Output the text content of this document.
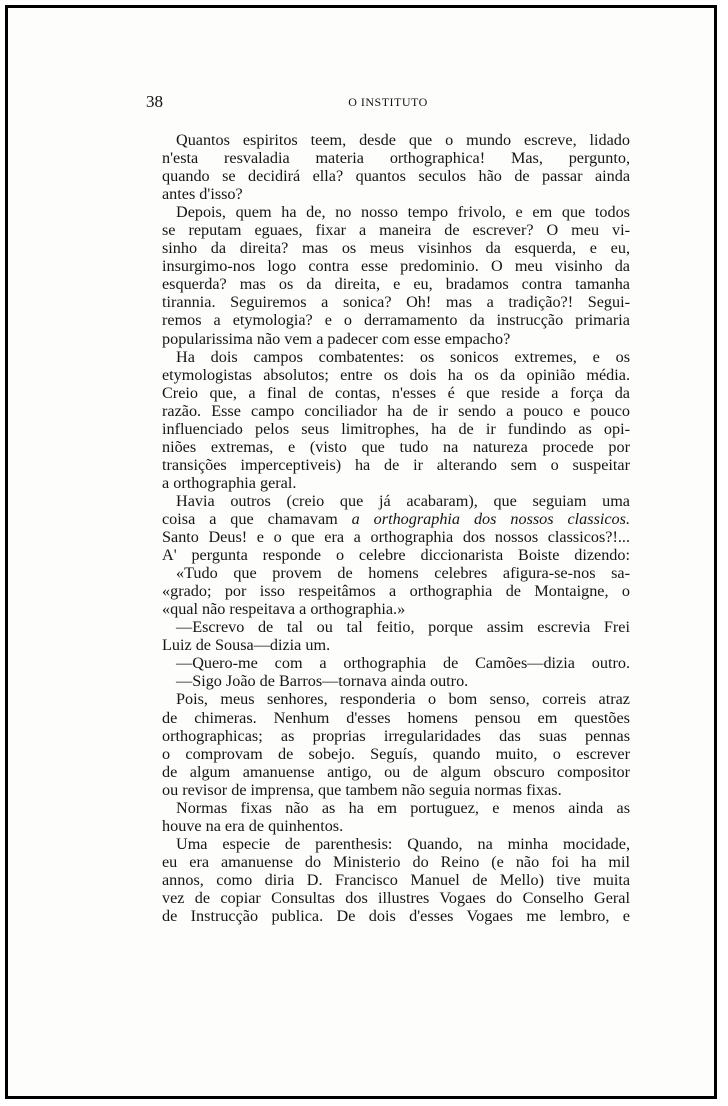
38	O INSTITUTO
Quantos espiritos teem, desde que o mundo escreve, lidado
n'esta resvaladia materia orthographica! Mas, pergunto,
quando se decidirá ella? quantos seculos hão de passar ainda
antes d'isso?
Depois, quem ha de, no nosso tempo frivolo, e em que todos
se reputam eguaes, fixar a maneira de escrever? O meu vi-
sinho da direita? mas os meus visinhos da esquerda, e eu,
insurgimo-nos logo contra esse predominio. O meu visinho da
esquerda? mas os da direita, e eu, bradamos contra tamanha
tirannia. Seguiremos a sonica? Oh! mas a tradição?! Segui-
remos a etymologia? e o derramamento da instrucção primaria
popularissima não vem a padecer com esse empacho?
Ha dois campos combatentes: os sonicos extremes, e os
etymologistas absolutos; entre os dois ha os da opinião média.
Creio que, a final de contas, n'esses é que reside a força da
razão. Esse campo conciliador ha de ir sendo a pouco e pouco
influenciado pelos seus limitrophes, ha de ir fundindo as opi-
niões extremas, e (visto que tudo na natureza procede por
transições imperceptiveis) ha de ir alterando sem o suspeitar
a orthographia geral.
Havia outros (creio que já acabaram), que seguiam uma
coisa a que chamavam a orthographia dos nossos classicos.
Santo Deus! e o que era a orthographia dos nossos classicos?!...
A' pergunta responde o celebre diccionarista Boiste dizendo:
«Tudo que provem de homens celebres afigura-se-nos sa-
«grado; por isso respeitâmos a orthographia de Montaigne, o
«qual não respeitava a orthographia.»
—Escrevo de tal ou tal feitio, porque assim escrevia Frei
Luiz de Sousa—dizia um.
—Quero-me com a orthographia de Camões—dizia outro.
—Sigo João de Barros—tornava ainda outro.
Pois, meus senhores, responderia o bom senso, correis atraz
de chimeras. Nenhum d'esses homens pensou em questões
orthographicas; as proprias irregularidades das suas pennas
o comprovam de sobejo. Seguís, quando muito, o escrever
de algum amanuense antigo, ou de algum obscuro compositor
ou revisor de imprensa, que tambem não seguia normas fixas.
Normas fixas não as ha em portuguez, e menos ainda as
houve na era de quinhentos.
Uma especie de parenthesis: Quando, na minha mocidade,
eu era amanuense do Ministerio do Reino (e não foi ha mil
annos, como diria D. Francisco Manuel de Mello) tive muita
vez de copiar Consultas dos illustres Vogaes do Conselho Geral
de Instrucção publica. De dois d'esses Vogaes me lembro, e
